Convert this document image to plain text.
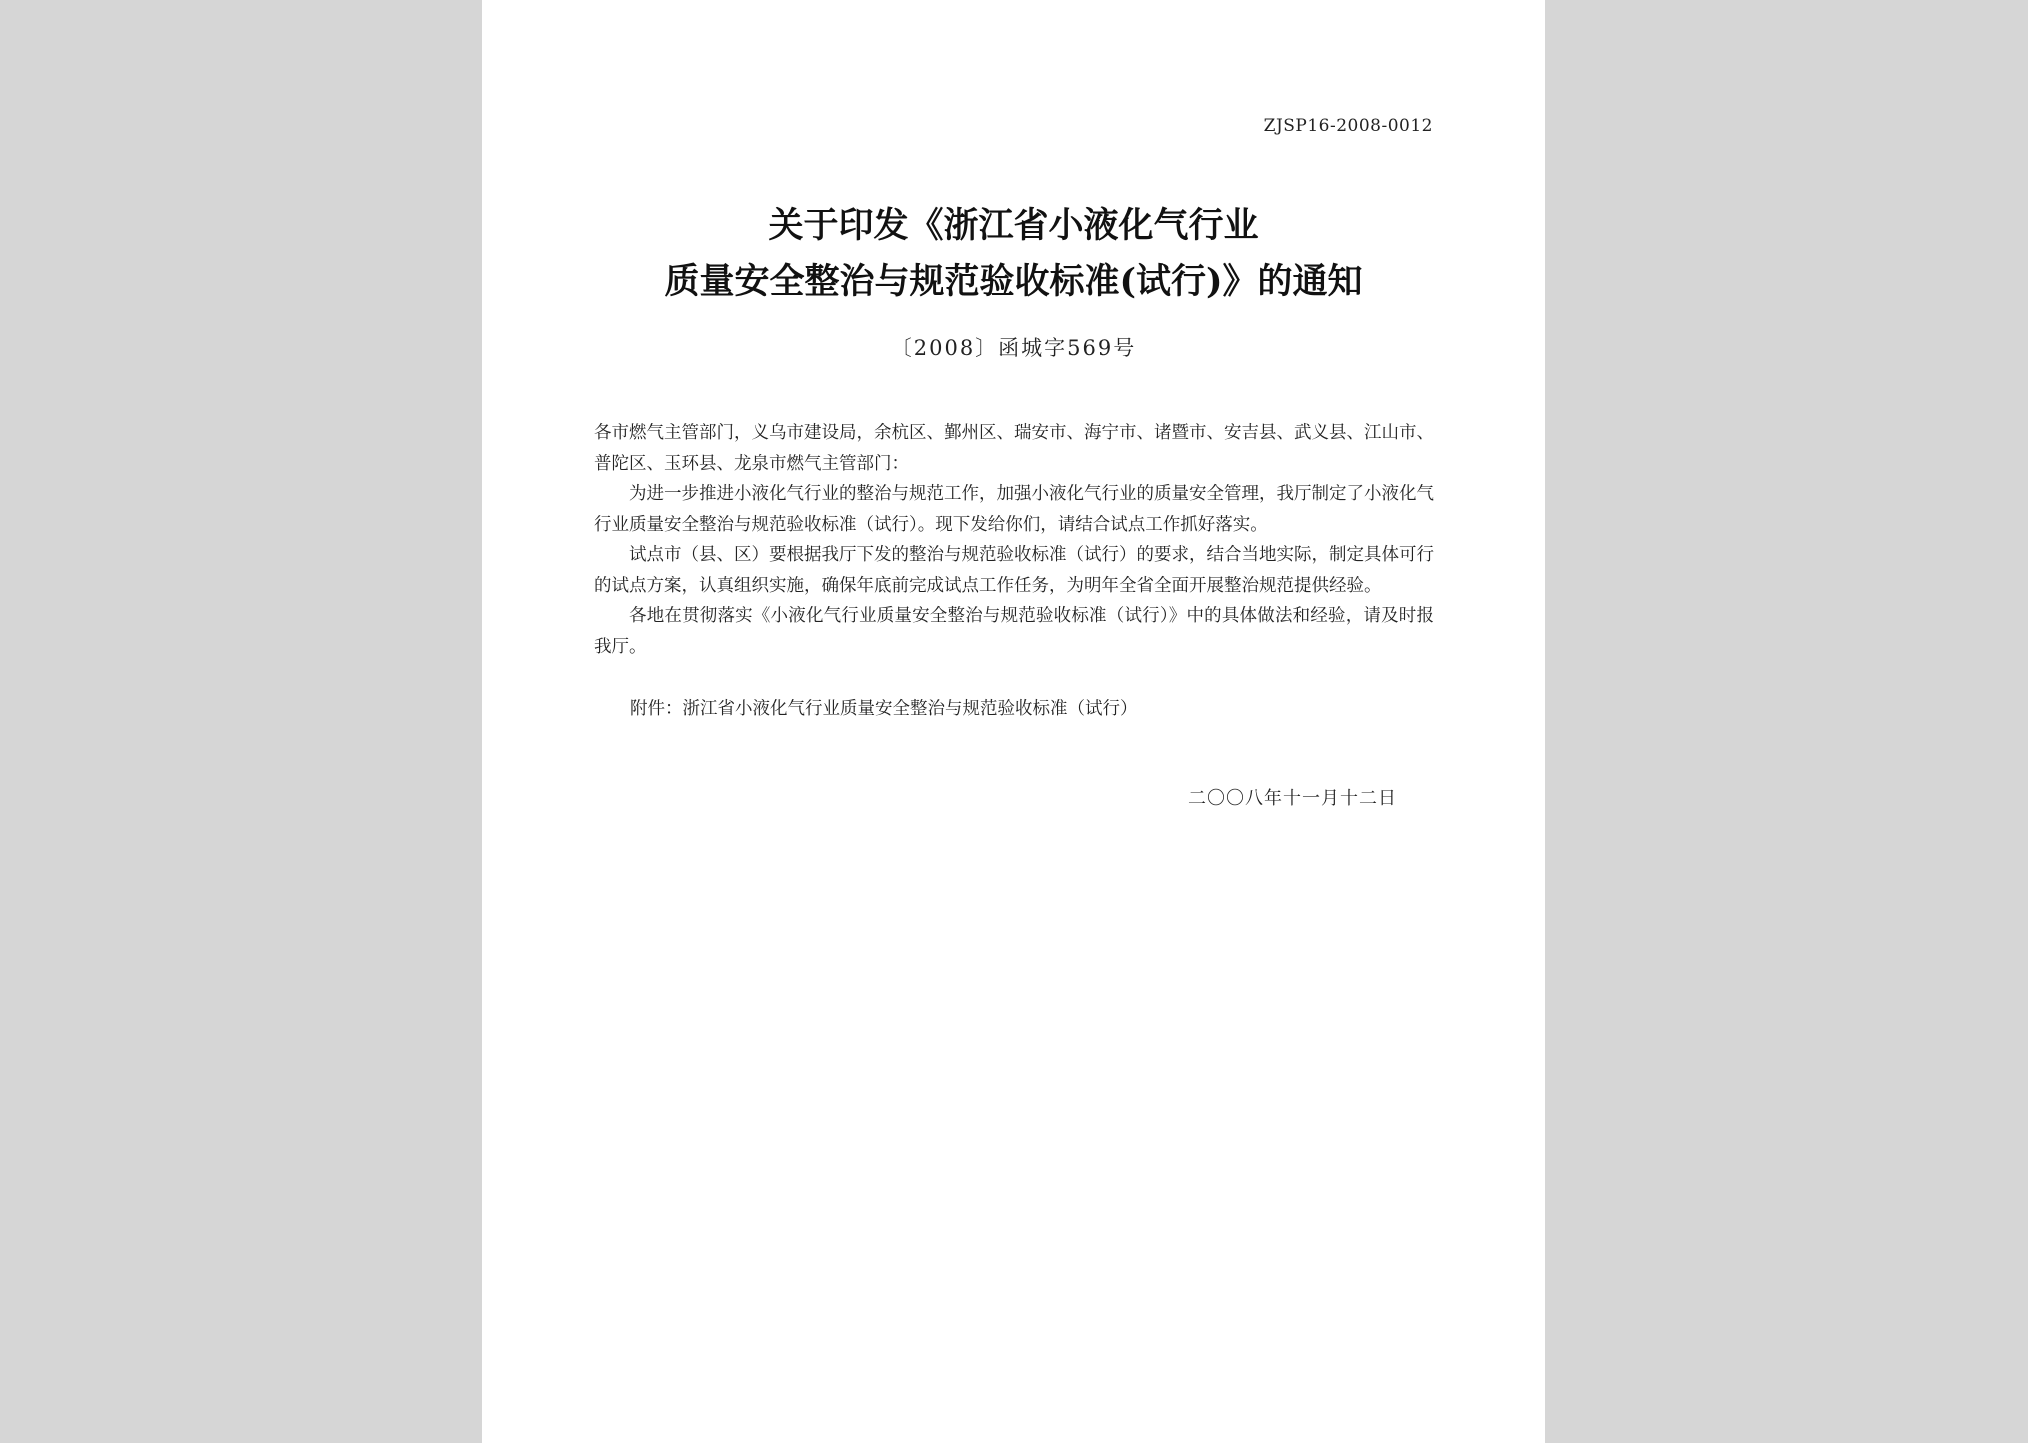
ZJSP16-2008-0012
关于印发《浙江省小液化气行业
质量安全整治与规范验收标准(试行)》的通知
〔2008〕函城字569号

各市燃气主管部门，义乌市建设局，余杭区、鄞州区、瑞安市、海宁市、诸暨市、安吉县、武义县、江山市、普陀区、玉环县、龙泉市燃气主管部门：

为进一步推进小液化气行业的整治与规范工作，加强小液化气行业的质量安全管理，我厅制定了小液化气行业质量安全整治与规范验收标准（试行）。现下发给你们，请结合试点工作抓好落实。

试点市（县、区）要根据我厅下发的整治与规范验收标准（试行）的要求，结合当地实际，制定具体可行的试点方案，认真组织实施，确保年底前完成试点工作任务，为明年全省全面开展整治规范提供经验。

各地在贯彻落实《小液化气行业质量安全整治与规范验收标准（试行）》中的具体做法和经验，请及时报我厅。

附件：浙江省小液化气行业质量安全整治与规范验收标准（试行）
二〇〇八年十一月十二日
